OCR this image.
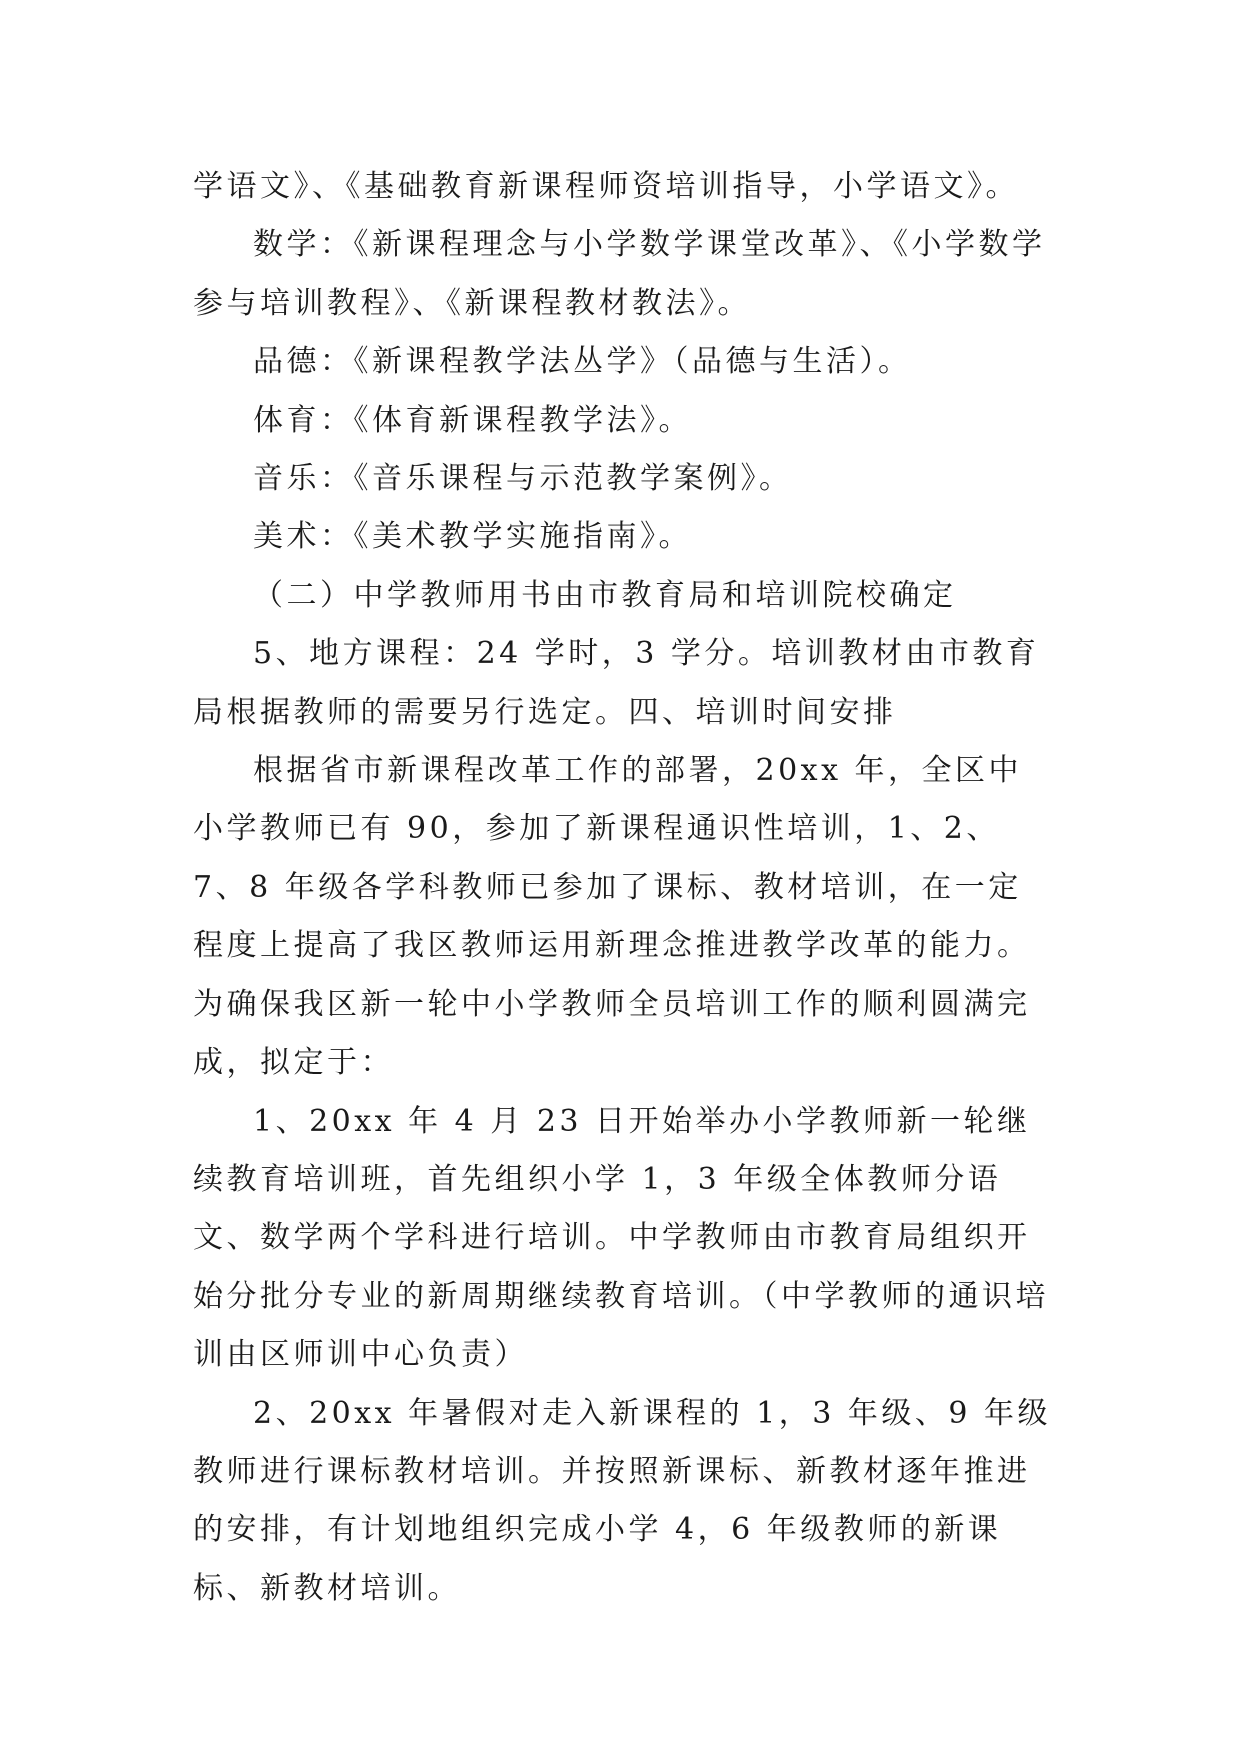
学语文》、《基础教育新课程师资培训指导，小学语文》。

数学：《新课程理念与小学数学课堂改革》、《小学数学参与培训教程》、《新课程教材教法》。

品德：《新课程教学法丛学》（品德与生活）。

体育：《体育新课程教学法》。

音乐：《音乐课程与示范教学案例》。

美术：《美术教学实施指南》。

（二）中学教师用书由市教育局和培训院校确定

5、地方课程：24 学时，3 学分。培训教材由市教育局根据教师的需要另行选定。四、培训时间安排

根据省市新课程改革工作的部署，20xx 年，全区中小学教师已有 90，参加了新课程通识性培训，1、2、7、8 年级各学科教师已参加了课标、教材培训，在一定程度上提高了我区教师运用新理念推进教学改革的能力。为确保我区新一轮中小学教师全员培训工作的顺利圆满完成，拟定于：

1、20xx 年 4 月 23 日开始举办小学教师新一轮继续教育培训班，首先组织小学 1，3 年级全体教师分语文、数学两个学科进行培训。中学教师由市教育局组织开始分批分专业的新周期继续教育培训。（中学教师的通识培训由区师训中心负责）

2、20xx 年暑假对走入新课程的 1，3 年级、9 年级教师进行课标教材培训。并按照新课标、新教材逐年推进的安排，有计划地组织完成小学 4，6 年级教师的新课标、新教材培训。
